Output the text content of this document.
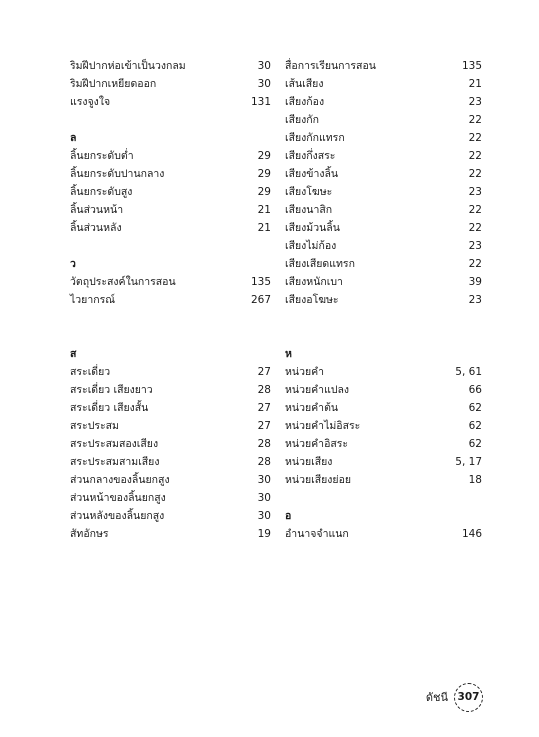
ริมฝีปากห่อเข้าเป็นวงกลม	30
ริมฝีปากเหยียดออก	30
แรงจูงใจ	131
ล
ลิ้นยกระดับต่ำ	29
ลิ้นยกระดับปานกลาง	29
ลิ้นยกระดับสูง	29
ลิ้นส่วนหน้า	21
ลิ้นส่วนหลัง	21
ว
วัตถุประสงค์ในการสอน	135
ไวยากรณ์	267
ส
สระเดี่ยว	27
สระเดี่ยว เสียงยาว	28
สระเดี่ยว เสียงสั้น	27
สระประสม	27
สระประสมสองเสียง	28
สระประสมสามเสียง	28
ส่วนกลางของลิ้นยกสูง	30
ส่วนหน้าของลิ้นยกสูง	30
ส่วนหลังของลิ้นยกสูง	30
สัทอักษร	19
สื่อการเรียนการสอน	135
เส้นเสียง	21
เสียงก้อง	23
เสียงกัก	22
เสียงกักแทรก	22
เสียงกึ่งสระ	22
เสียงข้างลิ้น	22
เสียงโฆษะ	23
เสียงนาสิก	22
เสียงม้วนลิ้น	22
เสียงไม่ก้อง	23
เสียงเสียดแทรก	22
เสียงหนักเบา	39
เสียงอโฆษะ	23
ห
หน่วยคำ	5, 61
หน่วยคำแปลง	66
หน่วยคำต้น	62
หน่วยคำไม่อิสระ	62
หน่วยคำอิสระ	62
หน่วยเสียง	5, 17
หน่วยเสียงย่อย	18
อ
อำนาจจำแนก	146
ดัชนี 307
